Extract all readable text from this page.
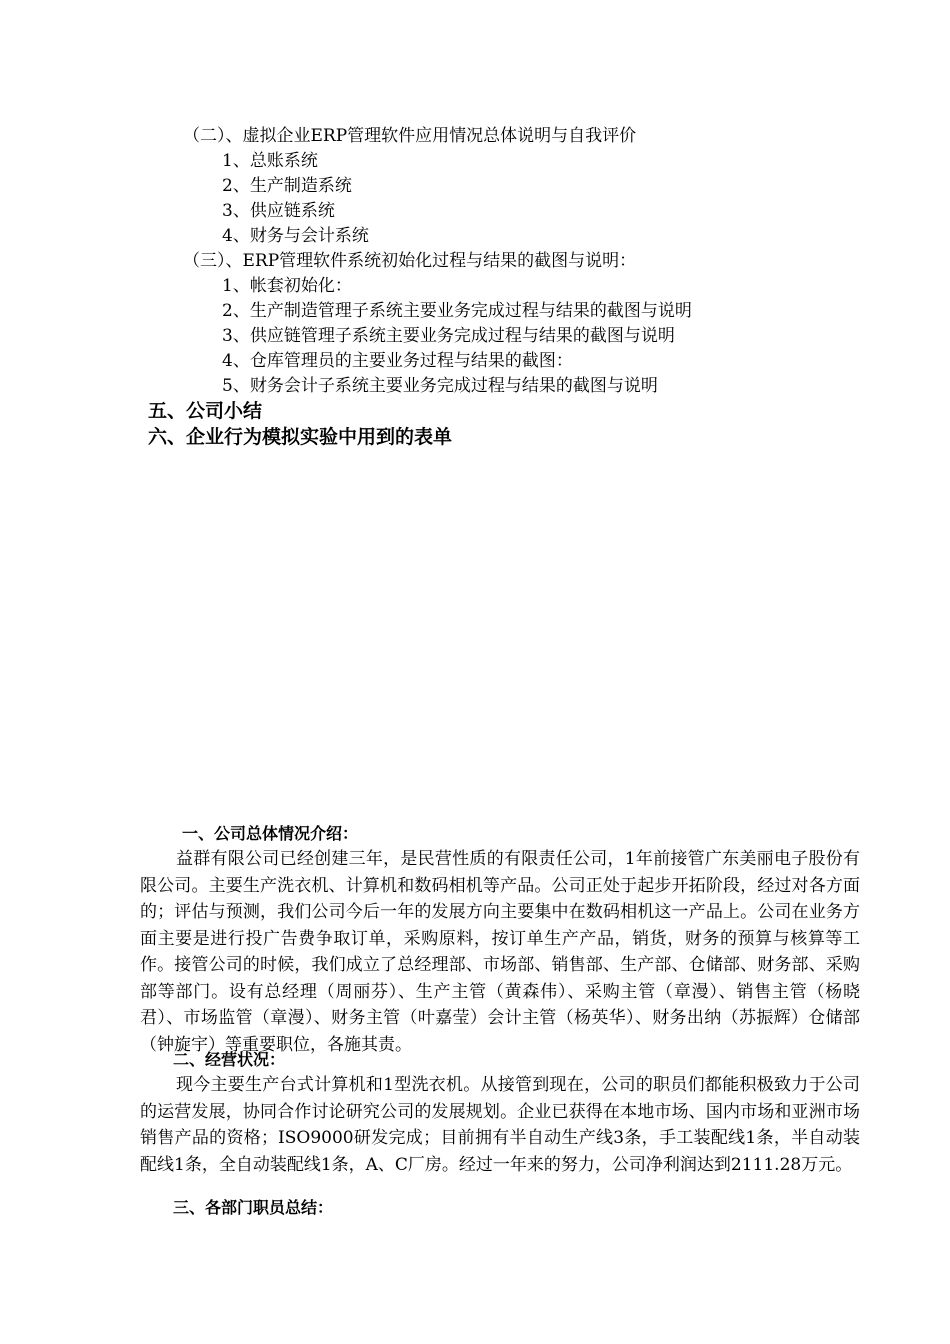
（二）、虚拟企业ERP管理软件应用情况总体说明与自我评价
1、总账系统
2、生产制造系统
3、供应链系统
4、财务与会计系统
（三）、ERP管理软件系统初始化过程与结果的截图与说明：
1、帐套初始化：
2、生产制造管理子系统主要业务完成过程与结果的截图与说明
3、供应链管理子系统主要业务完成过程与结果的截图与说明
4、仓库管理员的主要业务过程与结果的截图：
5、财务会计子系统主要业务完成过程与结果的截图与说明
五、公司小结
六、企业行为模拟实验中用到的表单
一、公司总体情况介绍：
益群有限公司已经创建三年，是民营性质的有限责任公司，1年前接管广东美丽电子股份有限公司。主要生产洗衣机、计算机和数码相机等产品。公司正处于起步开拓阶段，经过对各方面的；评估与预测，我们公司今后一年的发展方向主要集中在数码相机这一产品上。公司在业务方面主要是进行投广告费争取订单，采购原料，按订单生产产品，销货，财务的预算与核算等工作。接管公司的时候，我们成立了总经理部、市场部、销售部、生产部、仓储部、财务部、采购部等部门。设有总经理（周丽芬）、生产主管（黄森伟）、采购主管（章漫）、销售主管（杨晓君）、市场监管（章漫）、财务主管（叶嘉莹）会计主管（杨英华）、财务出纳（苏振辉）仓储部（钟旋宇）等重要职位，各施其责。
二、经营状况：
现今主要生产台式计算机和1型洗衣机。从接管到现在，公司的职员们都能积极致力于公司的运营发展，协同合作讨论研究公司的发展规划。企业已获得在本地市场、国内市场和亚洲市场销售产品的资格；ISO9000研发完成；目前拥有半自动生产线3条，手工装配线1条，半自动装配线1条，全自动装配线1条，A、C厂房。经过一年来的努力，公司净利润达到2111.28万元。
三、各部门职员总结：
